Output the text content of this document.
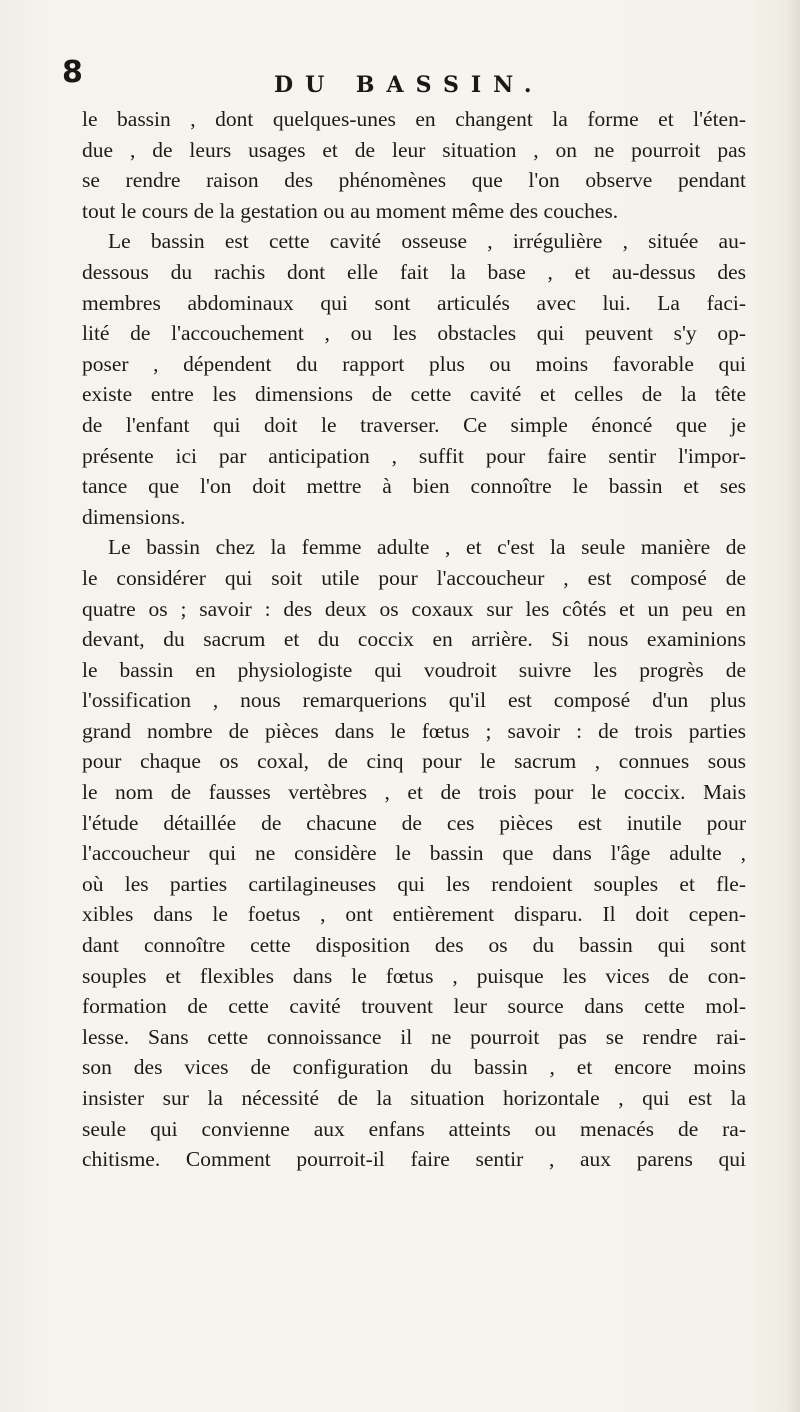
8	DU BASSIN.
le bassin , dont quelques-unes en changent la forme et l'éten-
due , de leurs usages et de leur situation , on ne pourroit pas
se rendre raison des phénomènes que l'on observe pendant
tout le cours de la gestation ou au moment même des couches.
Le bassin est cette cavité osseuse , irrégulière , située au-
dessous du rachis dont elle fait la base , et au-dessus des
membres abdominaux qui sont articulés avec lui. La faci-
lité de l'accouchement , ou les obstacles qui peuvent s'y op-
poser , dépendent du rapport plus ou moins favorable qui
existe entre les dimensions de cette cavité et celles de la tête
de l'enfant qui doit le traverser. Ce simple énoncé que je
présente ici par anticipation , suffit pour faire sentir l'impor-
tance que l'on doit mettre à bien connoître le bassin et ses
dimensions.
Le bassin chez la femme adulte , et c'est la seule manière de
le considérer qui soit utile pour l'accoucheur , est composé de
quatre os ; savoir : des deux os coxaux sur les côtés et un peu en
devant, du sacrum et du coccix en arrière. Si nous examinions
le bassin en physiologiste qui voudroit suivre les progrès de
l'ossification , nous remarquerions qu'il est composé d'un plus
grand nombre de pièces dans le fœtus ; savoir : de trois parties
pour chaque os coxal, de cinq pour le sacrum , connues sous
le nom de fausses vertèbres , et de trois pour le coccix. Mais
l'étude détaillée de chacune de ces pièces est inutile pour
l'accoucheur qui ne considère le bassin que dans l'âge adulte ,
où les parties cartilagineuses qui les rendoient souples et fle-
xibles dans le foetus , ont entièrement disparu. Il doit cepen-
dant connoître cette disposition des os du bassin qui sont
souples et flexibles dans le fœtus , puisque les vices de con-
formation de cette cavité trouvent leur source dans cette mol-
lesse. Sans cette connoissance il ne pourroit pas se rendre rai-
son des vices de configuration du bassin , et encore moins
insister sur la nécessité de la situation horizontale , qui est la
seule qui convienne aux enfans atteints ou menacés de ra-
chitisme. Comment pourroit-il faire sentir , aux parens qui
